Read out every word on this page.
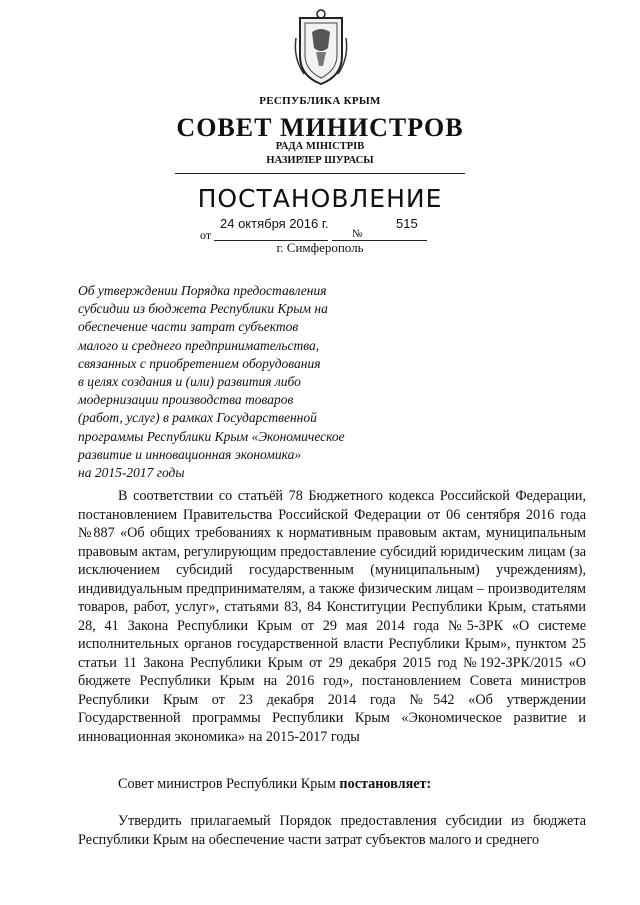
РЕСПУБЛИКА КРЫМ
СОВЕТ МИНИСТРОВ
РАДА МІНІСТРІВ
НАЗИРЛЕР ШУРАСЫ
ПОСТАНОВЛЕНИЕ
от
24 октября 2016 г.
№
515
г. Симферополь
Об утверждении Порядка предоставления
субсидии из бюджета Республики Крым на
обеспечение части затрат субъектов
малого и среднего предпринимательства,
связанных с приобретением оборудования
в целях создания и (или) развития либо
модернизации производства товаров
(работ, услуг) в рамках Государственной
программы Республики Крым «Экономическое
развитие и инновационная экономика»
на 2015-2017 годы

В соответствии со статьёй 78 Бюджетного кодекса Российской Федерации, постановлением Правительства Российской Федерации от 06 сентября 2016 года №887 «Об общих требованиях к нормативным правовым актам, муниципальным правовым актам, регулирующим предоставление субсидий юридическим лицам (за исключением субсидий государственным (муниципальным) учреждениям), индивидуальным предпринимателям, а также физическим лицам – производителям товаров, работ, услуг», статьями 83, 84 Конституции Республики Крым, статьями 28, 41 Закона Республики Крым от 29 мая 2014 года №5-ЗРК «О системе исполнительных органов государственной власти Республики Крым», пунктом 25 статьи 11 Закона Республики Крым от 29 декабря 2015 год №192-ЗРК/2015 «О бюджете Республики Крым на 2016 год», постановлением Совета министров Республики Крым от 23 декабря 2014 года №542 «Об утверждении Государственной программы Республики Крым «Экономическое развитие и инновационная экономика» на 2015-2017 годы

Совет министров Республики Крым постановляет:

Утвердить прилагаемый Порядок предоставления субсидии из бюджета Республики Крым на обеспечение части затрат субъектов малого и среднего
